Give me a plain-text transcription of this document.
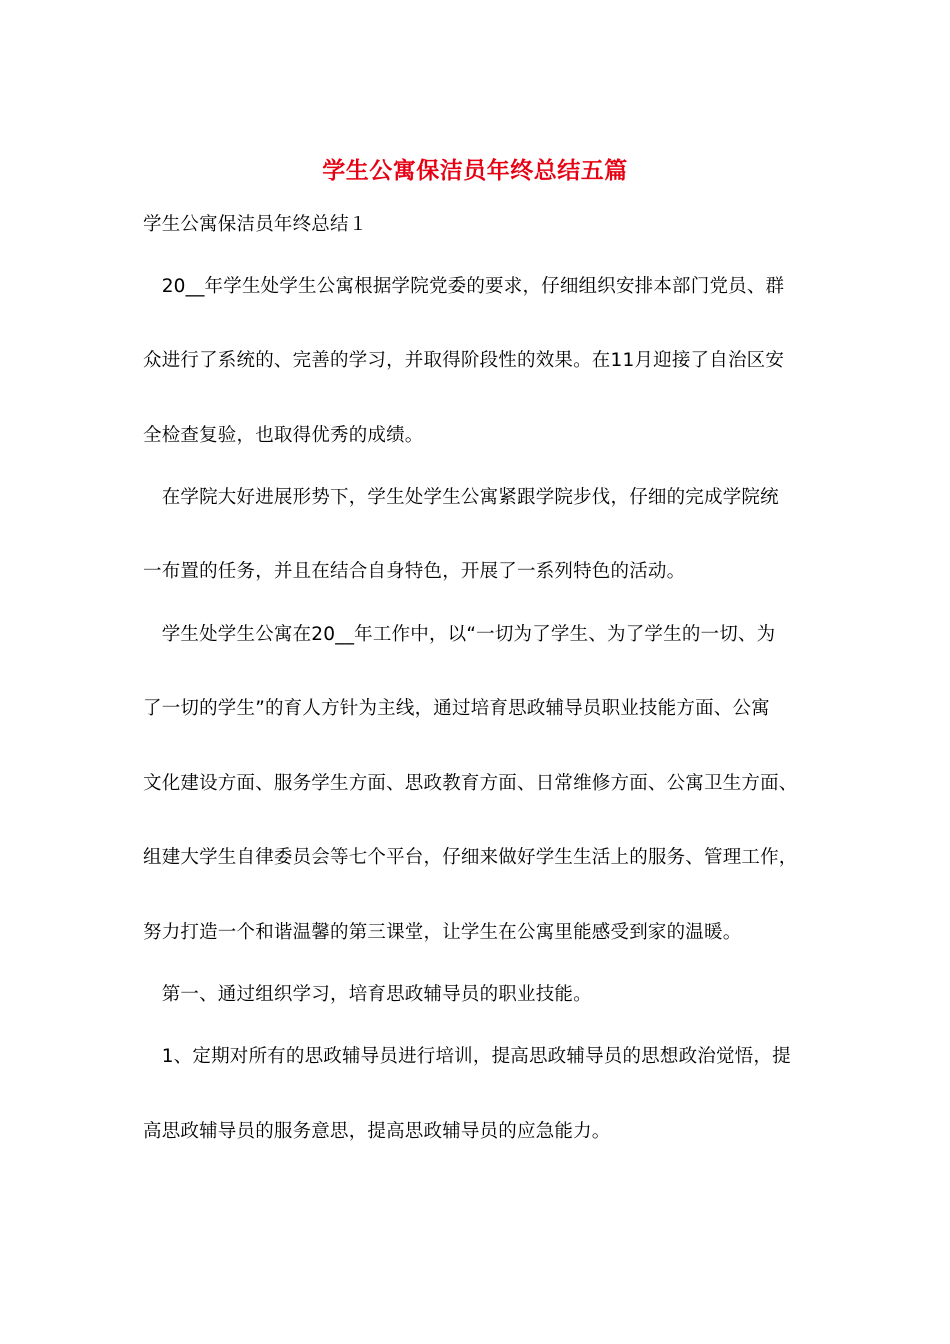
学生公寓保洁员年终总结五篇
学生公寓保洁员年终总结１
　20__年学生处学生公寓根据学院党委的要求，仔细组织安排本部门党员、群
众进行了系统的、完善的学习，并取得阶段性的效果。在11月迎接了自治区安
全检查复验，也取得优秀的成绩。
　在学院大好进展形势下，学生处学生公寓紧跟学院步伐，仔细的完成学院统
一布置的任务，并且在结合自身特色，开展了一系列特色的活动。
　学生处学生公寓在20__年工作中，以“一切为了学生、为了学生的一切、为
了一切的学生”的育人方针为主线，通过培育思政辅导员职业技能方面、公寓
文化建设方面、服务学生方面、思政教育方面、日常维修方面、公寓卫生方面、
组建大学生自律委员会等七个平台，仔细来做好学生生活上的服务、管理工作，
努力打造一个和谐温馨的第三课堂，让学生在公寓里能感受到家的温暖。
　第一、通过组织学习，培育思政辅导员的职业技能。
　1、定期对所有的思政辅导员进行培训，提高思政辅导员的思想政治觉悟，提
高思政辅导员的服务意思，提高思政辅导员的应急能力。
